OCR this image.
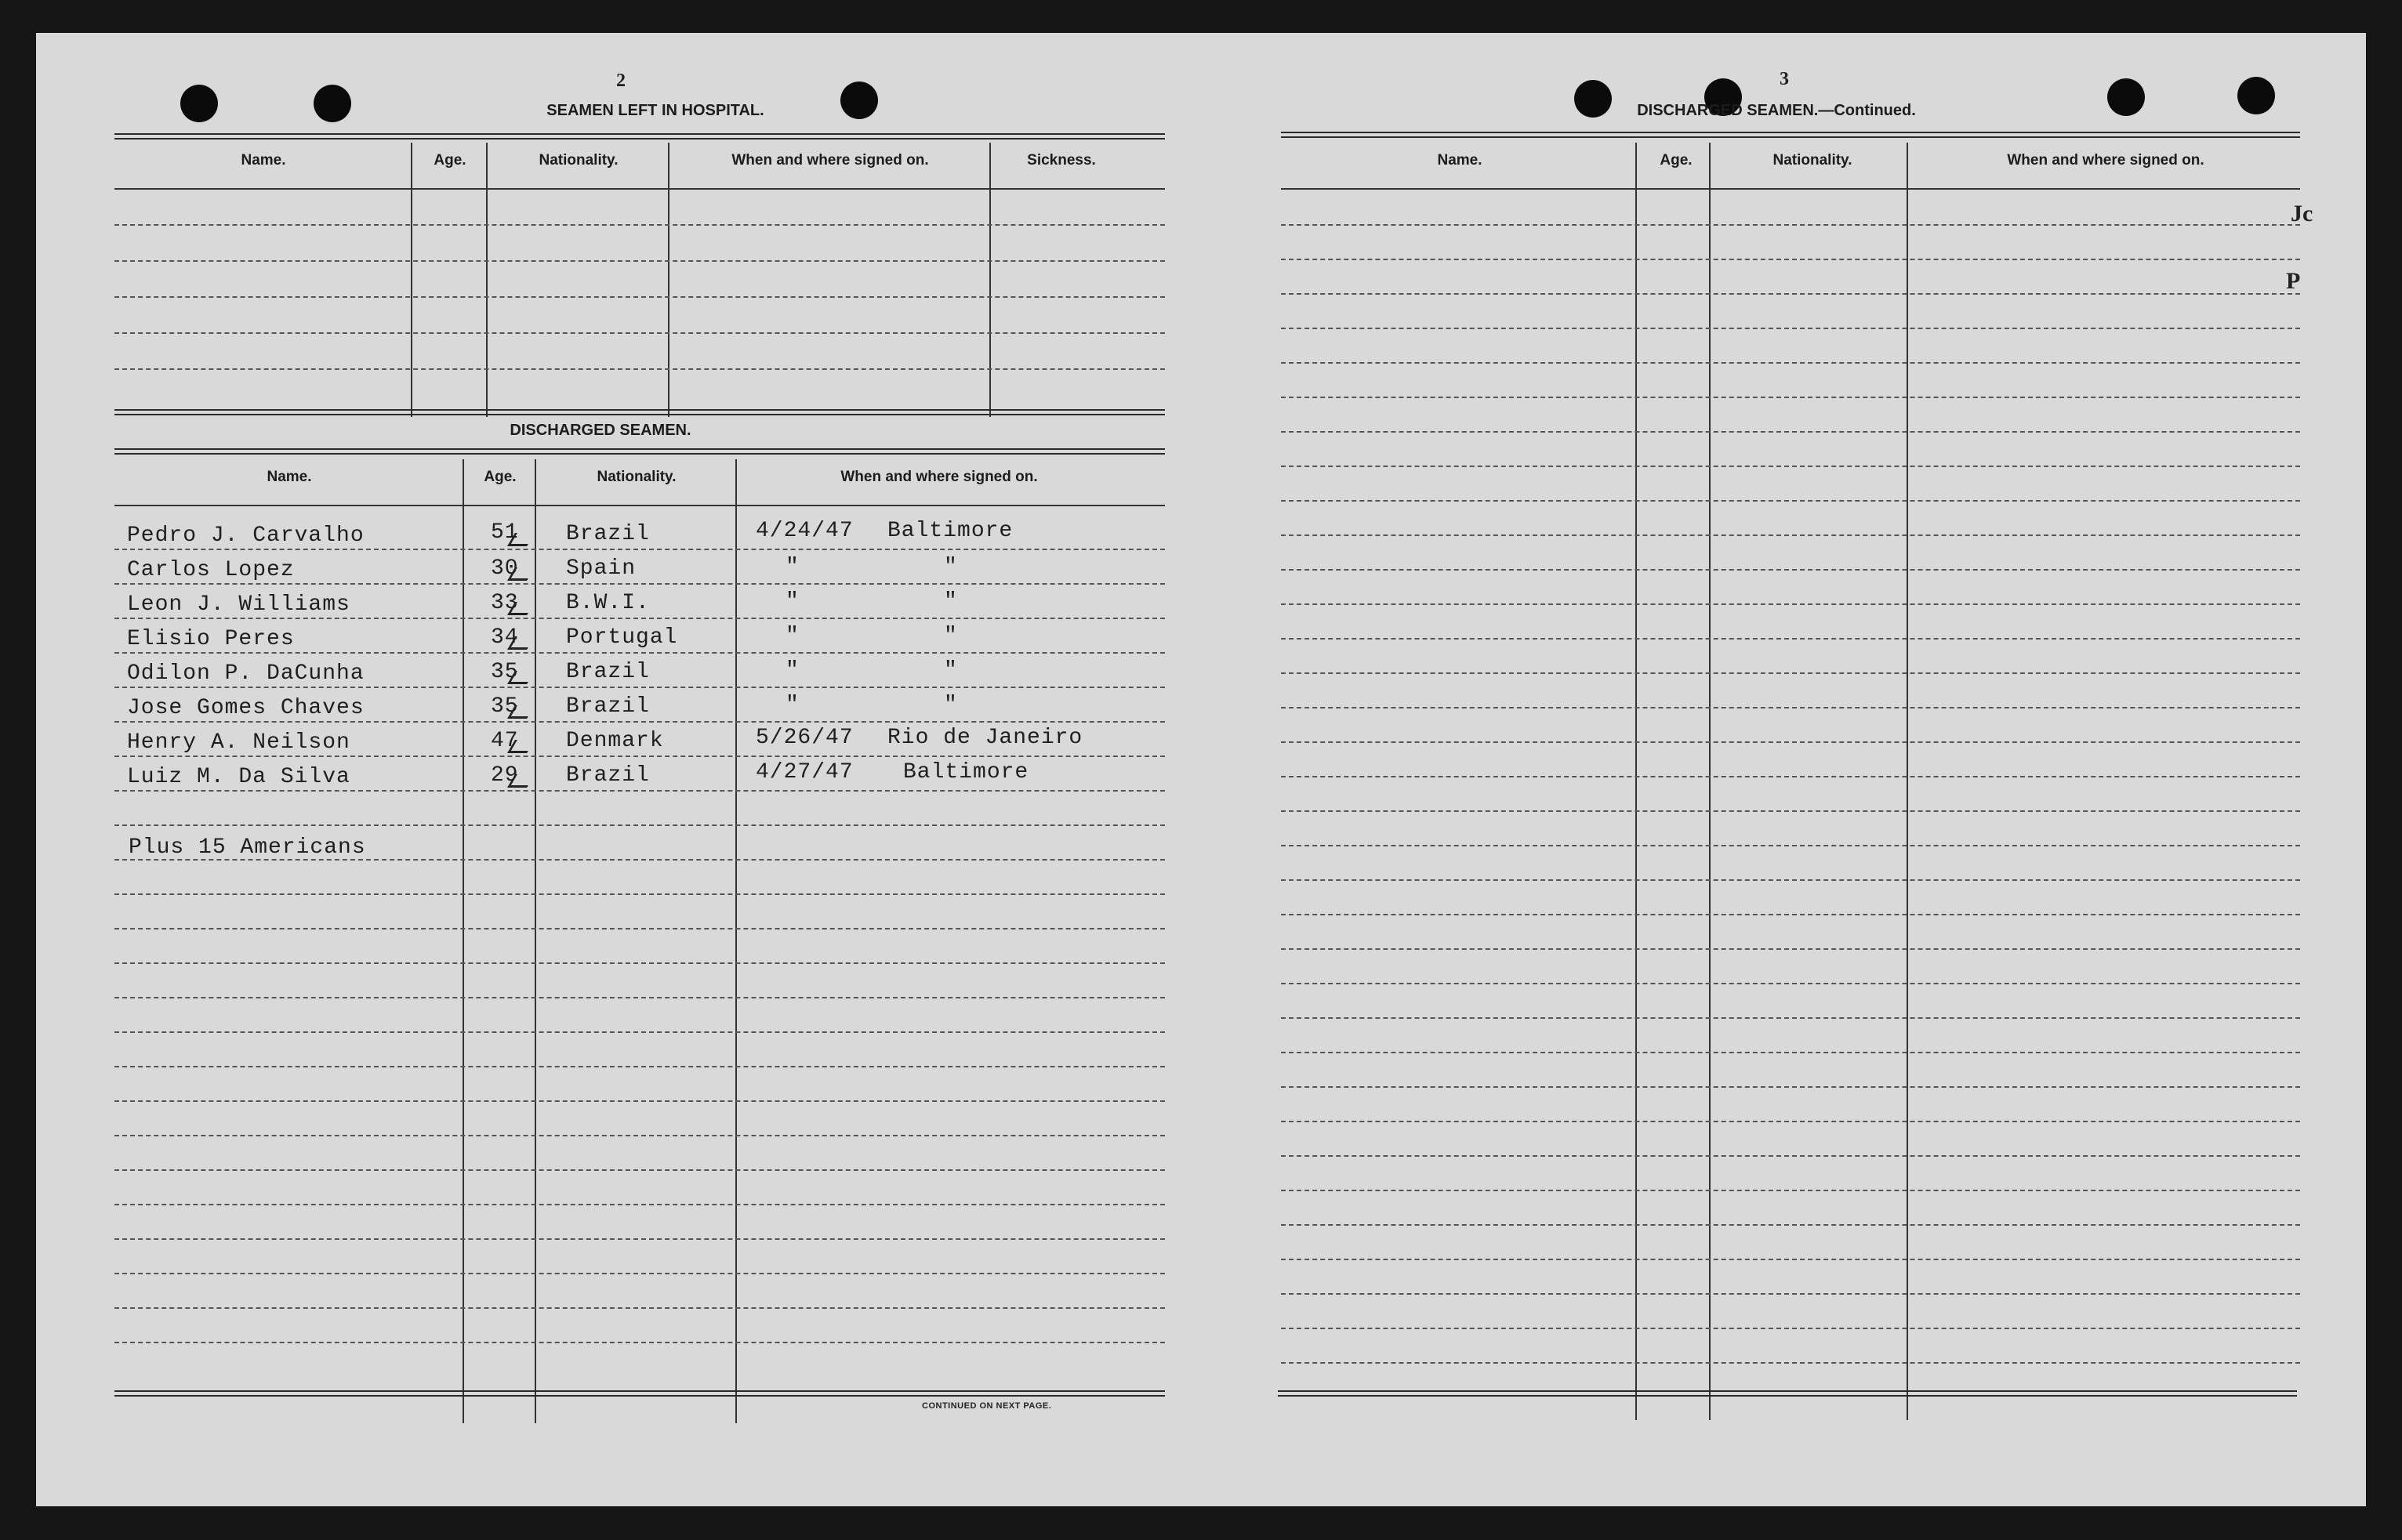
2
SEAMEN LEFT IN HOSPITAL.
Name.	Age.	Nationality.	When and where signed on.	Sickness.
DISCHARGED SEAMEN.
Name.	Age.	Nationality.	When and where signed on.
Pedro J. Carvalho	51 Brazil	4/24/47 Baltimore
Carlos Lopez	30 Spain	"	"
Leon J. Williams	33 B.W.I.	"	"
Elisio Peres	34 Portugal	"	"
Odilon P. DaCunha	35 Brazil	"	"
Jose Gomes Chaves	35 Brazil	"	"
Henry A. Neilson	47 Denmark	5/26/47 Rio de Janeiro
Luiz M. Da Silva	29 Brazil	4/27/47 Baltimore
Plus 15 Americans
CONTINUED ON NEXT PAGE.
3
DISCHARGED SEAMEN.—Continued.
Name.	Age.	Nationality.	When and where signed on.
Jc
P
